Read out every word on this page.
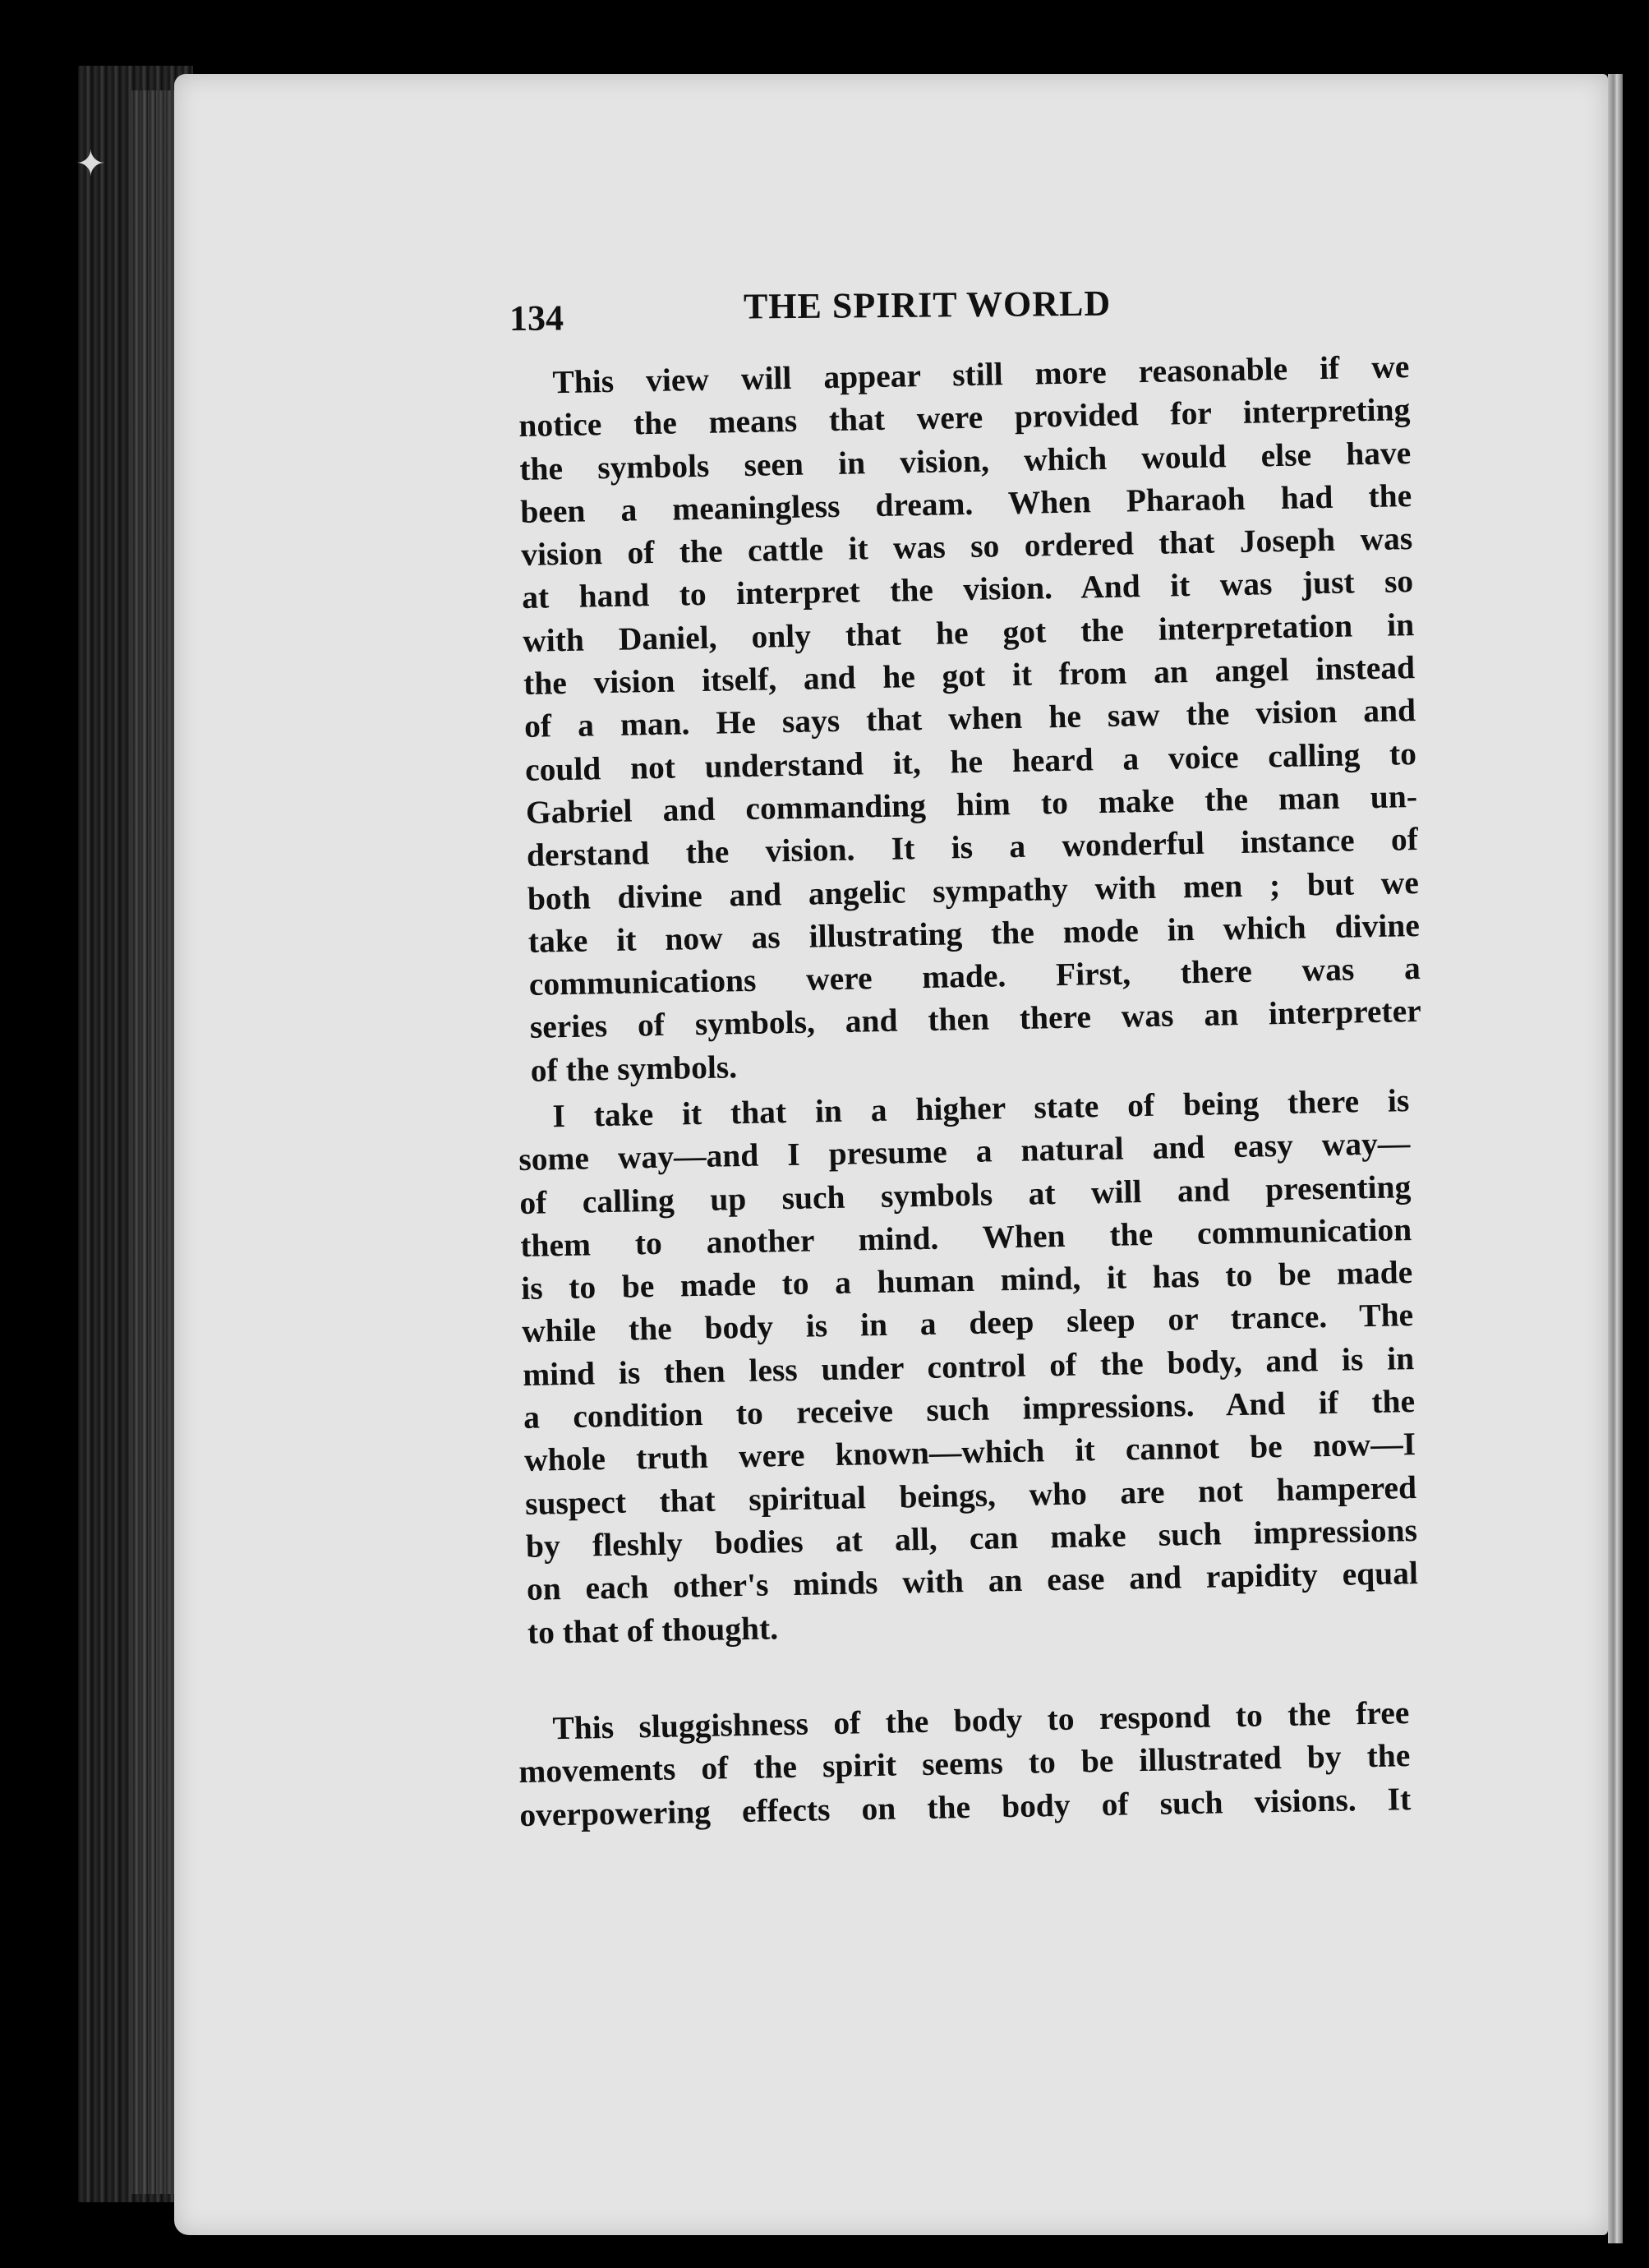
✦
134	THE SPIRIT WORLD
This view will appear still more reasonable if we
notice the means that were provided for interpreting
the symbols seen in vision, which would else have
been a meaningless dream. When Pharaoh had the
vision of the cattle it was so ordered that Joseph was
at hand to interpret the vision. And it was just so
with Daniel, only that he got the interpretation in
the vision itself, and he got it from an angel instead
of a man. He says that when he saw the vision and
could not understand it, he heard a voice calling to
Gabriel and commanding him to make the man un-
derstand the vision. It is a wonderful instance of
both divine and angelic sympathy with men ; but we
take it now as illustrating the mode in which divine
communications were made. First, there was a
series of symbols, and then there was an interpreter
of the symbols.
I take it that in a higher state of being there is
some way—and I presume a natural and easy way—
of calling up such symbols at will and presenting
them to another mind. When the communication
is to be made to a human mind, it has to be made
while the body is in a deep sleep or trance. The
mind is then less under control of the body, and is in
a condition to receive such impressions. And if the
whole truth were known—which it cannot be now—I
suspect that spiritual beings, who are not hampered
by fleshly bodies at all, can make such impressions
on each other's minds with an ease and rapidity equal
to that of thought.
This sluggishness of the body to respond to the free
movements of the spirit seems to be illustrated by the
overpowering effects on the body of such visions. It
